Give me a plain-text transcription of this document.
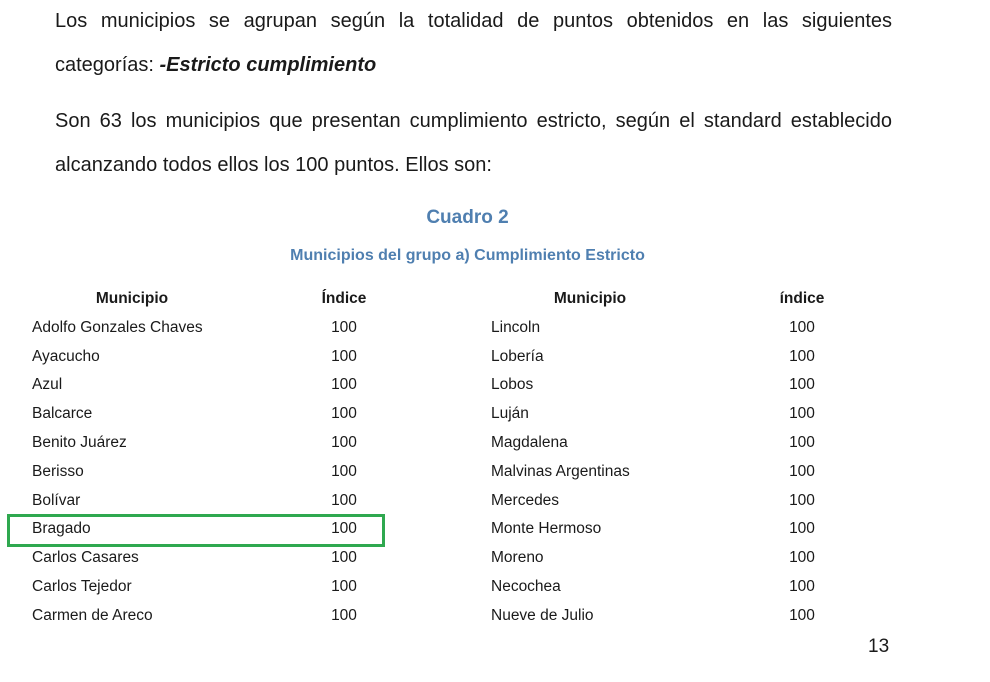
Los municipios se agrupan según la totalidad de puntos obtenidos en las siguientes categorías: -Estricto cumplimiento

Son 63 los municipios que presentan cumplimiento estricto, según el standard establecido alcanzando todos ellos los 100 puntos. Ellos son:

Cuadro 2
Municipios del grupo a) Cumplimiento Estricto
Municipio	Índice
Adolfo Gonzales Chaves	100
Ayacucho	100
Azul	100
Balcarce	100
Benito Juárez	100
Berisso	100
Bolívar	100
Bragado	100
Carlos Casares	100
Carlos Tejedor	100
Carmen de Areco	100
Municipio	índice
Lincoln	100
Lobería	100
Lobos	100
Luján	100
Magdalena	100
Malvinas Argentinas	100
Mercedes	100
Monte Hermoso	100
Moreno	100
Necochea	100
Nueve de Julio	100
13
